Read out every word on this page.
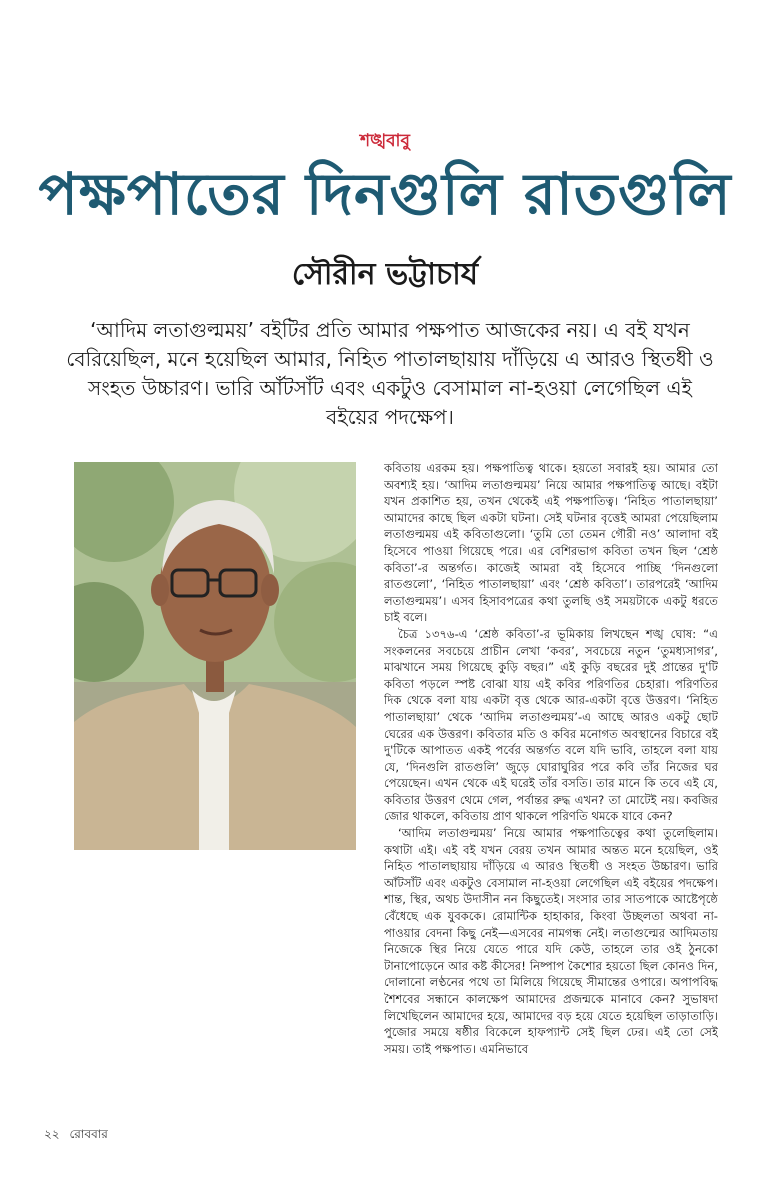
শঙ্খবাবু
পক্ষপাতের দিনগুলি রাতগুলি
সৌরীন ভট্টাচার্য
‘আদিম লতাগুল্মময়’ বইটির প্রতি আমার পক্ষপাত আজকের নয়। এ বই যখন বেরিয়েছিল, মনে হয়েছিল আমার, নিহিত পাতালছায়ায় দাঁড়িয়ে এ আরও স্থিতধী ও সংহত উচ্চারণ। ভারি আঁটসাঁট এবং একটুও বেসামাল না-হওয়া লেগেছিল এই বইয়ের পদক্ষেপ।

কবিতায় এরকম হয়। পক্ষপাতিত্ব থাকে। হয়তো সবারই হয়। আমার তো অবশ্যই হয়। ‘আদিম লতাগুল্মময়’ নিয়ে আমার পক্ষপাতিত্ব আছে। বইটা যখন প্রকাশিত হয়, তখন থেকেই এই পক্ষপাতিত্ব। ‘নিহিত পাতালছায়া’ আমাদের কাছে ছিল একটা ঘটনা। সেই ঘটনার বৃত্তেই আমরা পেয়েছিলাম লতাগুল্মময় এই কবিতাগুলো। ‘তুমি তো তেমন গৌরী নও’ আলাদা বই হিসেবে পাওয়া গিয়েছে পরে। এর বেশিরভাগ কবিতা তখন ছিল ‘শ্রেষ্ঠ কবিতা’-র অন্তর্গত। কাজেই আমরা বই হিসেবে পাচ্ছি ‘দিনগুলো রাতগুলো’, ‘নিহিত পাতালছায়া’ এবং ‘শ্রেষ্ঠ কবিতা’। তারপরেই ‘আদিম লতাগুল্মময়’। এসব হিসাবপত্রের কথা তুলছি ওই সময়টাকে একটু ধরতে চাই বলে।

চৈত্র ১৩৭৬-এ ‘শ্রেষ্ঠ কবিতা’-র ভূমিকায় লিখছেন শঙ্খ ঘোষ: “এ সংকলনের সবচেয়ে প্রাচীন লেখা ‘কবর’, সবচেয়ে নতুন ‘তুমধ্যসাগর’, মাঝখানে সময় গিয়েছে কুড়ি বছর।” এই কুড়ি বছরের দুই প্রান্তের দু'টি কবিতা পড়লে স্পষ্ট বোঝা যায় এই কবির পরিণতির চেহারা। পরিণতির দিক থেকে বলা যায় একটা বৃত্ত থেকে আর-একটা বৃত্তে উত্তরণ। ‘নিহিত পাতালছায়া’ থেকে ‘আদিম লতাগুল্মময়’-এ আছে আরও একটু ছোট ঘেরের এক উত্তরণ। কবিতার মতি ও কবির মনোগত অবস্থানের বিচারে বই দু'টিকে আপাতত একই পর্বের অন্তর্গত বলে যদি ভাবি, তাহলে বলা যায় যে, ‘দিনগুলি রাতগুলি’ জুড়ে ঘোরাঘুরির পরে কবি তাঁর নিজের ঘর পেয়েছেন। এখন থেকে এই ঘরেই তাঁর বসতি। তার মানে কি তবে এই যে, কবিতার উত্তরণ থেমে গেল, পর্বান্তর রুদ্ধ এখন? তা মোটেই নয়। কবজির জোর থাকলে, কবিতায় প্রাণ থাকলে পরিণতি থমকে যাবে কেন?

‘আদিম লতাগুল্মময়’ নিয়ে আমার পক্ষপাতিত্বের কথা তুলেছিলাম। কথাটা এই। এই বই যখন বেরয় তখন আমার অন্তত মনে হয়েছিল, ওই নিহিত পাতালছায়ায় দাঁড়িয়ে এ আরও স্থিতধী ও সংহত উচ্চারণ। ভারি আঁটসাঁট এবং একটুও বেসামাল না-হওয়া লেগেছিল এই বইয়ের পদক্ষেপ। শান্ত, স্থির, অথচ উদাসীন নন কিছুতেই। সংসার তার সাতপাকে আষ্টেপৃষ্ঠে বেঁধেছে এক যুবককে। রোমান্টিক হাহাকার, কিংবা উচ্ছলতা অথবা না-পাওয়ার বেদনা কিছু নেই—এসবের নামগন্ধ নেই। লতাগুল্মের আদিমতায় নিজেকে স্থির নিয়ে যেতে পারে যদি কেউ, তাহলে তার ওই ঠুনকো টানাপোড়েনে আর কষ্ট কীসের! নিষ্পাপ কৈশোর হয়তো ছিল কোনও দিন, দোলানো লণ্ঠনের পথে তা মিলিয়ে গিয়েছে সীমান্তের ওপারে। অপাপবিদ্ধ শৈশবের সন্ধানে কালক্ষেপ আমাদের প্রজন্মকে মানাবে কেন? সুভাষদা লিখেছিলেন আমাদের হয়ে, আমাদের বড় হয়ে যেতে হয়েছিল তাড়াতাড়ি। পুজোর সময়ে ষষ্ঠীর বিকেলে হাফপ্যান্ট সেই ছিল ঢের। এই তো সেই সময়। তাই পক্ষপাত। এমনিভাবে

২২ রোববার
